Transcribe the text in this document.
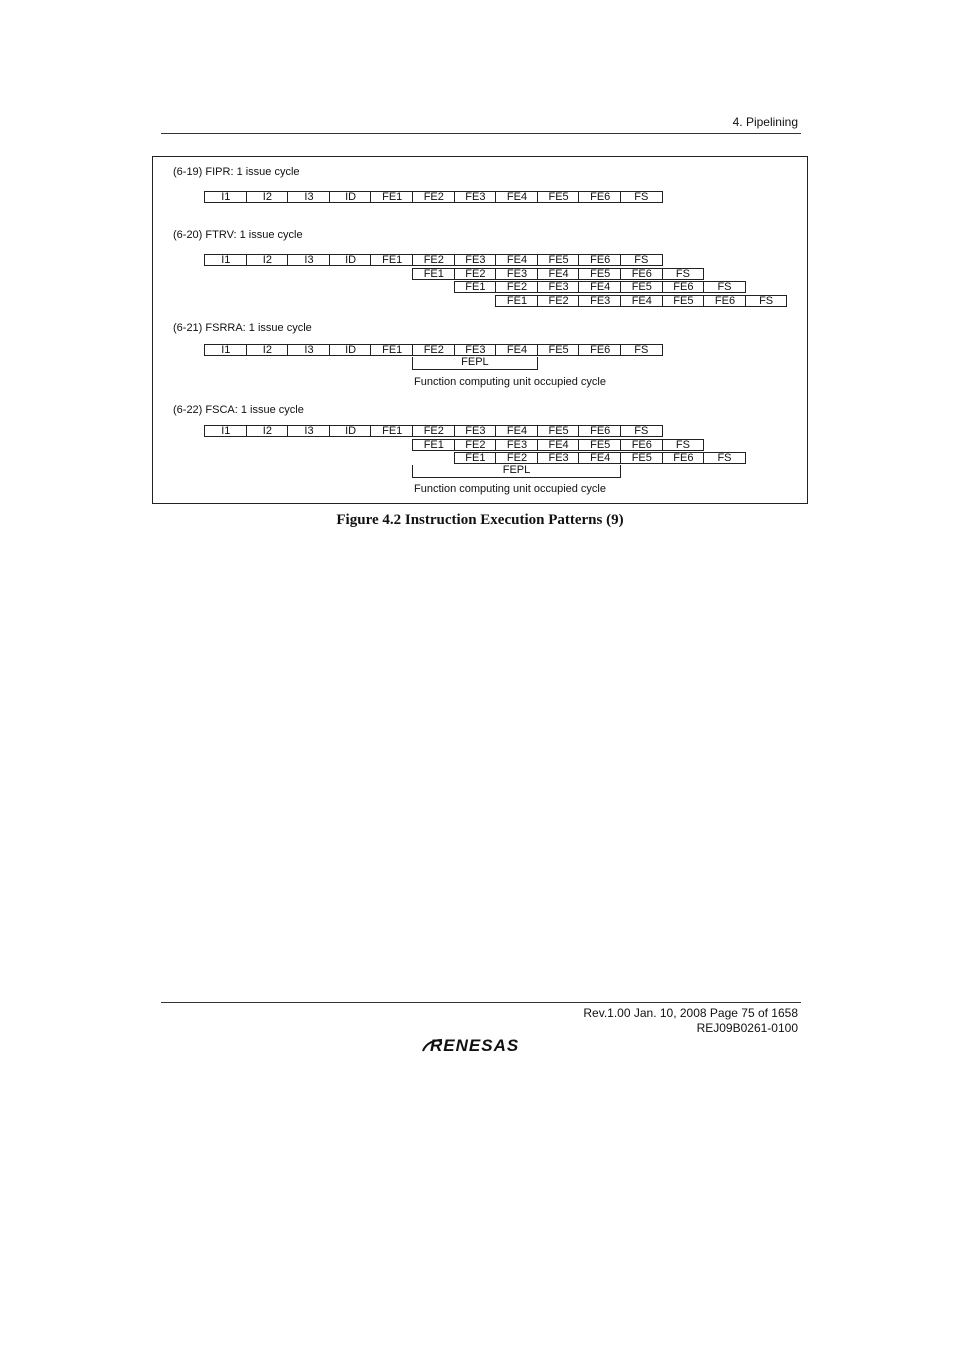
4. Pipelining
(6-19) FIPR: 1 issue cycle
I1	I2	I3	ID	FE1	FE2	FE3	FE4	FE5	FE6	FS
(6-20) FTRV: 1 issue cycle
I1	I2	I3	ID	FE1	FE2	FE3	FE4	FE5	FE6	FS
FE1	FE2	FE3	FE4	FE5	FE6	FS
FE1	FE2	FE3	FE4	FE5	FE6	FS
FE1	FE2	FE3	FE4	FE5	FE6	FS
(6-21) FSRRA: 1 issue cycle
I1	I2	I3	ID	FE1	FE2	FE3	FE4	FE5	FE6	FS
FEPL
Function computing unit occupied cycle
(6-22) FSCA: 1 issue cycle
I1	I2	I3	ID	FE1	FE2	FE3	FE4	FE5	FE6	FS
FE1	FE2	FE3	FE4	FE5	FE6	FS
FE1	FE2	FE3	FE4	FE5	FE6	FS
FEPL
Function computing unit occupied cycle
Figure 4.2 Instruction Execution Patterns (9)
Rev.1.00 Jan. 10, 2008 Page 75 of 1658
REJ09B0261-0100
RENESAS
